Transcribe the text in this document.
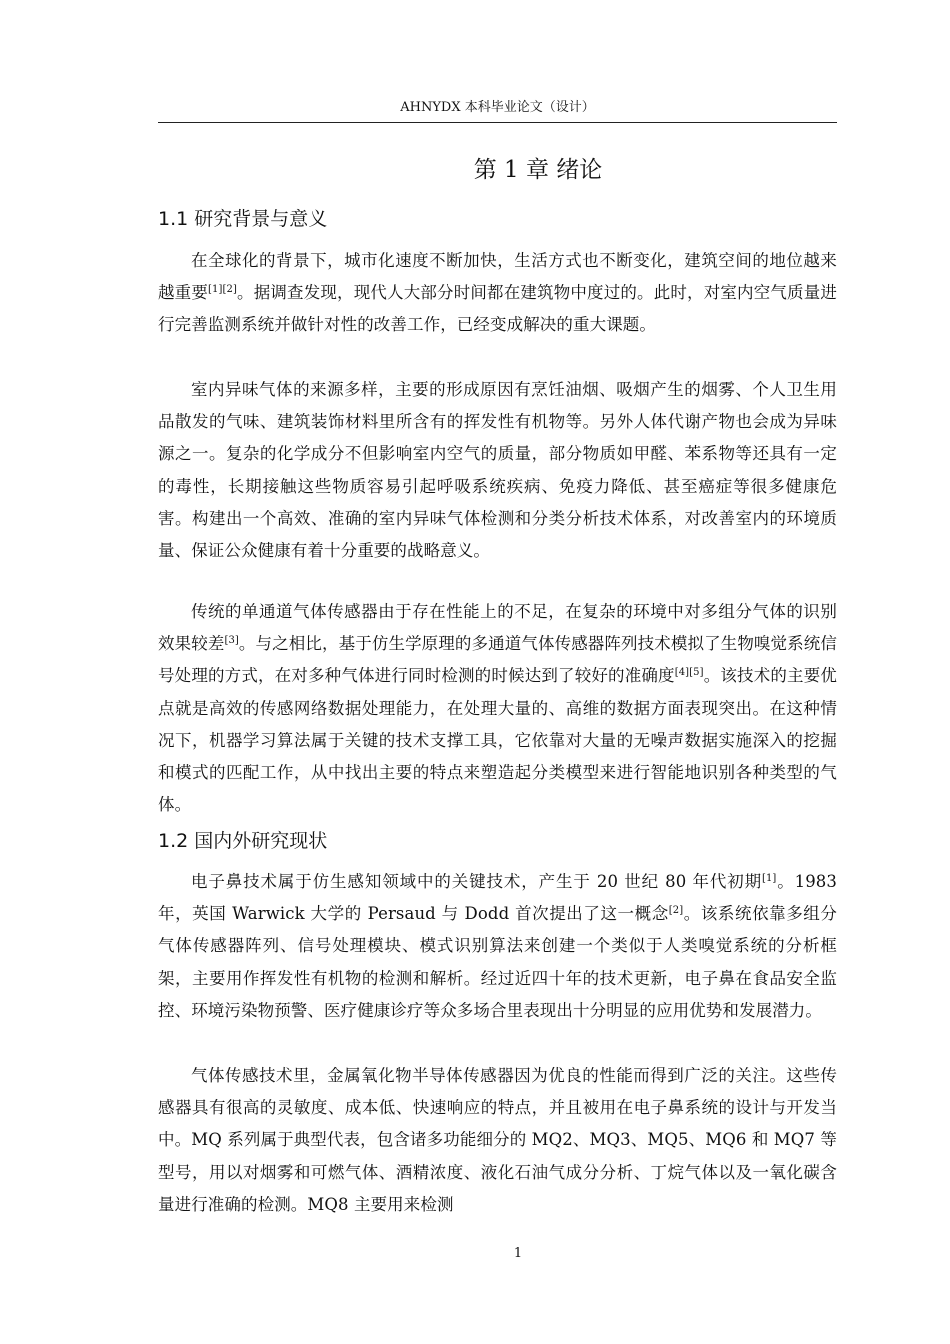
AHNYDX 本科毕业论文（设计）
第 1 章 绪论
1.1 研究背景与意义

在全球化的背景下，城市化速度不断加快，生活方式也不断变化，建筑空间的地位越来越重要[1][2]。据调查发现，现代人大部分时间都在建筑物中度过的。此时，对室内空气质量进行完善监测系统并做针对性的改善工作，已经变成解决的重大课题。

室内异味气体的来源多样，主要的形成原因有烹饪油烟、吸烟产生的烟雾、个人卫生用品散发的气味、建筑装饰材料里所含有的挥发性有机物等。另外人体代谢产物也会成为异味源之一。复杂的化学成分不但影响室内空气的质量，部分物质如甲醛、苯系物等还具有一定的毒性，长期接触这些物质容易引起呼吸系统疾病、免疫力降低、甚至癌症等很多健康危害。构建出一个高效、准确的室内异味气体检测和分类分析技术体系，对改善室内的环境质量、保证公众健康有着十分重要的战略意义。

传统的单通道气体传感器由于存在性能上的不足，在复杂的环境中对多组分气体的识别效果较差[3]。与之相比，基于仿生学原理的多通道气体传感器阵列技术模拟了生物嗅觉系统信号处理的方式，在对多种气体进行同时检测的时候达到了较好的准确度[4][5]。该技术的主要优点就是高效的传感网络数据处理能力，在处理大量的、高维的数据方面表现突出。在这种情况下，机器学习算法属于关键的技术支撑工具，它依靠对大量的无噪声数据实施深入的挖掘和模式的匹配工作，从中找出主要的特点来塑造起分类模型来进行智能地识别各种类型的气体。

1.2 国内外研究现状

电子鼻技术属于仿生感知领域中的关键技术，产生于 20 世纪 80 年代初期[1]。1983 年，英国 Warwick 大学的 Persaud 与 Dodd 首次提出了这一概念[2]。该系统依靠多组分气体传感器阵列、信号处理模块、模式识别算法来创建一个类似于人类嗅觉系统的分析框架，主要用作挥发性有机物的检测和解析。经过近四十年的技术更新，电子鼻在食品安全监控、环境污染物预警、医疗健康诊疗等众多场合里表现出十分明显的应用优势和发展潜力。

气体传感技术里，金属氧化物半导体传感器因为优良的性能而得到广泛的关注。这些传感器具有很高的灵敏度、成本低、快速响应的特点，并且被用在电子鼻系统的设计与开发当中。MQ 系列属于典型代表，包含诸多功能细分的 MQ2、MQ3、MQ5、MQ6 和 MQ7 等型号，用以对烟雾和可燃气体、酒精浓度、液化石油气成分分析、丁烷气体以及一氧化碳含量进行准确的检测。MQ8 主要用来检测

1
